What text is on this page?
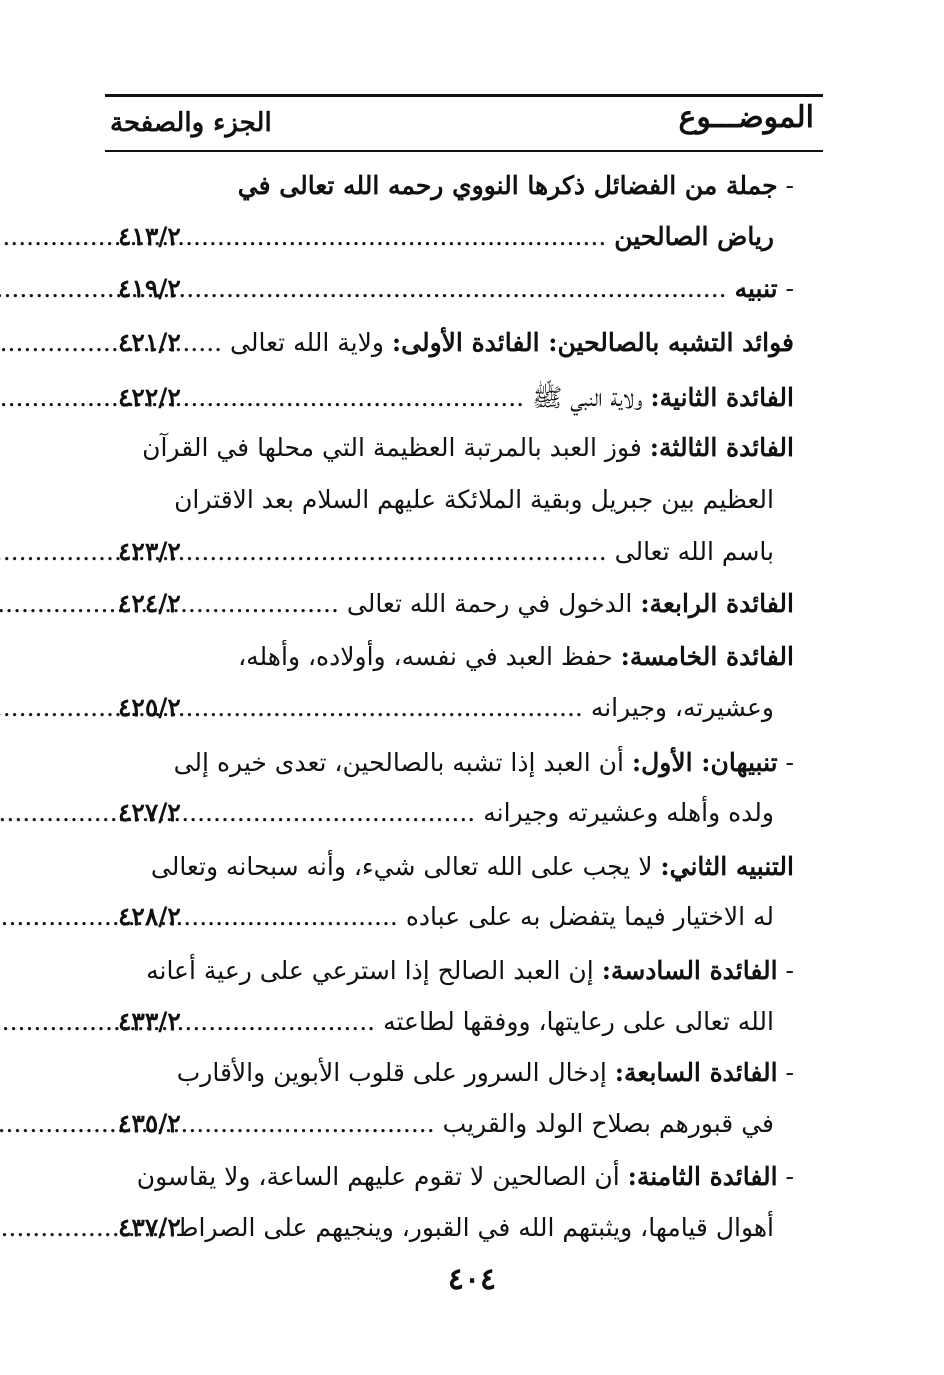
الموضـــوع
الجزء والصفحة
- جملة من الفضائل ذكرها النووي رحمه الله تعالى في
رياض الصالحين .....
٤١٣/٢
- تنبيه .....
٤١٩/٢
فوائد التشبه بالصالحين: الفائدة الأولى: ولاية الله تعالى .....
٤٢١/٢
الفائدة الثانية: ولاية النبي ﷺ .....
٤٢٢/٢
الفائدة الثالثة: فوز العبد بالمرتبة العظيمة التي محلها في القرآن
العظيم بين جبريل وبقية الملائكة عليهم السلام بعد الاقتران
باسم الله تعالى .....
٤٢٣/٢
الفائدة الرابعة: الدخول في رحمة الله تعالى .....
٤٢٤/٢
الفائدة الخامسة: حفظ العبد في نفسه، وأولاده، وأهله،
وعشيرته، وجيرانه .....
٤٢٥/٢
- تنبيهان: الأول: أن العبد إذا تشبه بالصالحين، تعدى خيره إلى
ولده وأهله وعشيرته وجيرانه .....
٤٢٧/٢
التنبيه الثاني: لا يجب على الله تعالى شيء، وأنه سبحانه وتعالى
له الاختيار فيما يتفضل به على عباده .....
٤٢٨/٢
- الفائدة السادسة: إن العبد الصالح إذا استرعي على رعية أعانه
الله تعالى على رعايتها، ووفقها لطاعته .....
٤٣٣/٢
- الفائدة السابعة: إدخال السرور على قلوب الأبوين والأقارب
في قبورهم بصلاح الولد والقريب .....
٤٣٥/٢
- الفائدة الثامنة: أن الصالحين لا تقوم عليهم الساعة، ولا يقاسون
أهوال قيامها، ويثبتهم الله في القبور، وينجيهم على الصراط .....
٤٣٧/٢
٤٠٤
